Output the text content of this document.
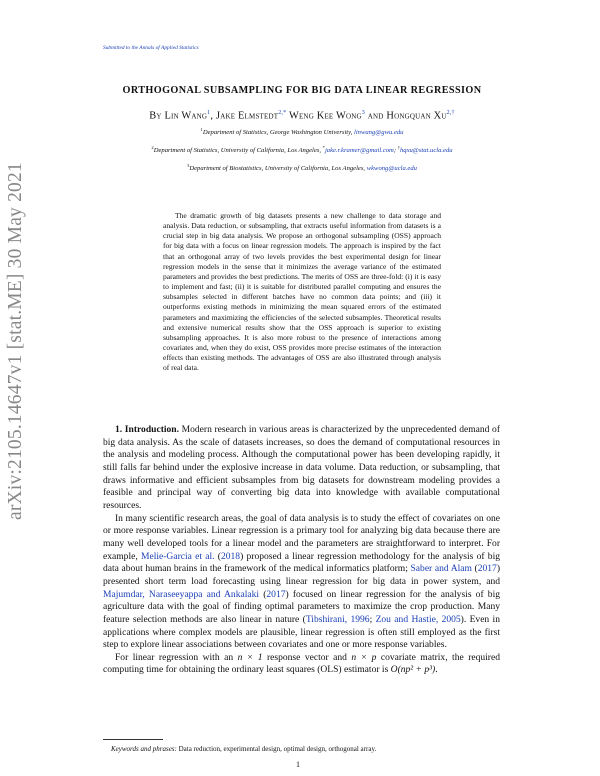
Submitted to the Annals of Applied Statistics
arXiv:2105.14647v1 [stat.ME] 30 May 2021
ORTHOGONAL SUBSAMPLING FOR BIG DATA LINEAR REGRESSION
By Lin Wang$^1$, Jake Elmstedt$^{2,*}$ Weng Kee Wong$^3$ and Hongquan $Xu^{2,\dagger}$
$^1$Department of Statistics, George Washington University, linwang@gwu.edu
$^2$Department of Statistics, University of California, Los Angeles, *jake.r.kramer@gmail.com; †hqxu@stat.ucla.edu
$^3$Department of Biostatistics, University of California, Los Angeles, wkwong@ucla.edu
The dramatic growth of big datasets presents a new challenge to data storage and analysis. Data reduction, or subsampling, that extracts useful information from datasets is a crucial step in big data analysis. We propose an orthogonal subsampling (OSS) approach for big data with a focus on linear regression models. The approach is inspired by the fact that an orthogonal array of two levels provides the best experimental design for linear regression models in the sense that it minimizes the average variance of the estimated parameters and provides the best predictions. The merits of OSS are three-fold: (i) it is easy to implement and fast; (ii) it is suitable for distributed parallel computing and ensures the subsamples selected in different batches have no common data points; and (iii) it outperforms existing methods in minimizing the mean squared errors of the estimated parameters and maximizing the efficiencies of the selected subsamples. Theoretical results and extensive numerical results show that the OSS approach is superior to existing subsampling approaches. It is also more robust to the presence of interactions among covariates and, when they do exist, OSS provides more precise estimates of the interaction effects than existing methods. The advantages of OSS are also illustrated through analysis of real data.

1. Introduction. Modern research in various areas is characterized by the unprecedented demand of big data analysis. As the scale of datasets increases, so does the demand of computational resources in the analysis and modeling process. Although the computational power has been developing rapidly, it still falls far behind under the explosive increase in data volume. Data reduction, or subsampling, that draws informative and efficient subsamples from big datasets for downstream modeling provides a feasible and principal way of converting big data into knowledge with available computational resources.

In many scientific research areas, the goal of data analysis is to study the effect of covariates on one or more response variables. Linear regression is a primary tool for analyzing big data because there are many well developed tools for a linear model and the parameters are straightforward to interpret. For example, Melie-Garcia et al. (2018) proposed a linear regression methodology for the analysis of big data about human brains in the framework of the medical informatics platform; Saber and Alam (2017) presented short term load forecasting using linear regression for big data in power system, and Majumdar, Naraseeyappa and Ankalaki (2017) focused on linear regression for the analysis of big agriculture data with the goal of finding optimal parameters to maximize the crop production. Many feature selection methods are also linear in nature (Tibshirani, 1996; Zou and Hastie, 2005). Even in applications where complex models are plausible, linear regression is often still employed as the first step to explore linear associations between covariates and one or more response variables.

For linear regression with an n × 1 response vector and n × p covariate matrix, the required computing time for obtaining the ordinary least squares (OLS) estimator is O(np² + p³).

Keywords and phrases: Data reduction, experimental design, optimal design, orthogonal array.
1
